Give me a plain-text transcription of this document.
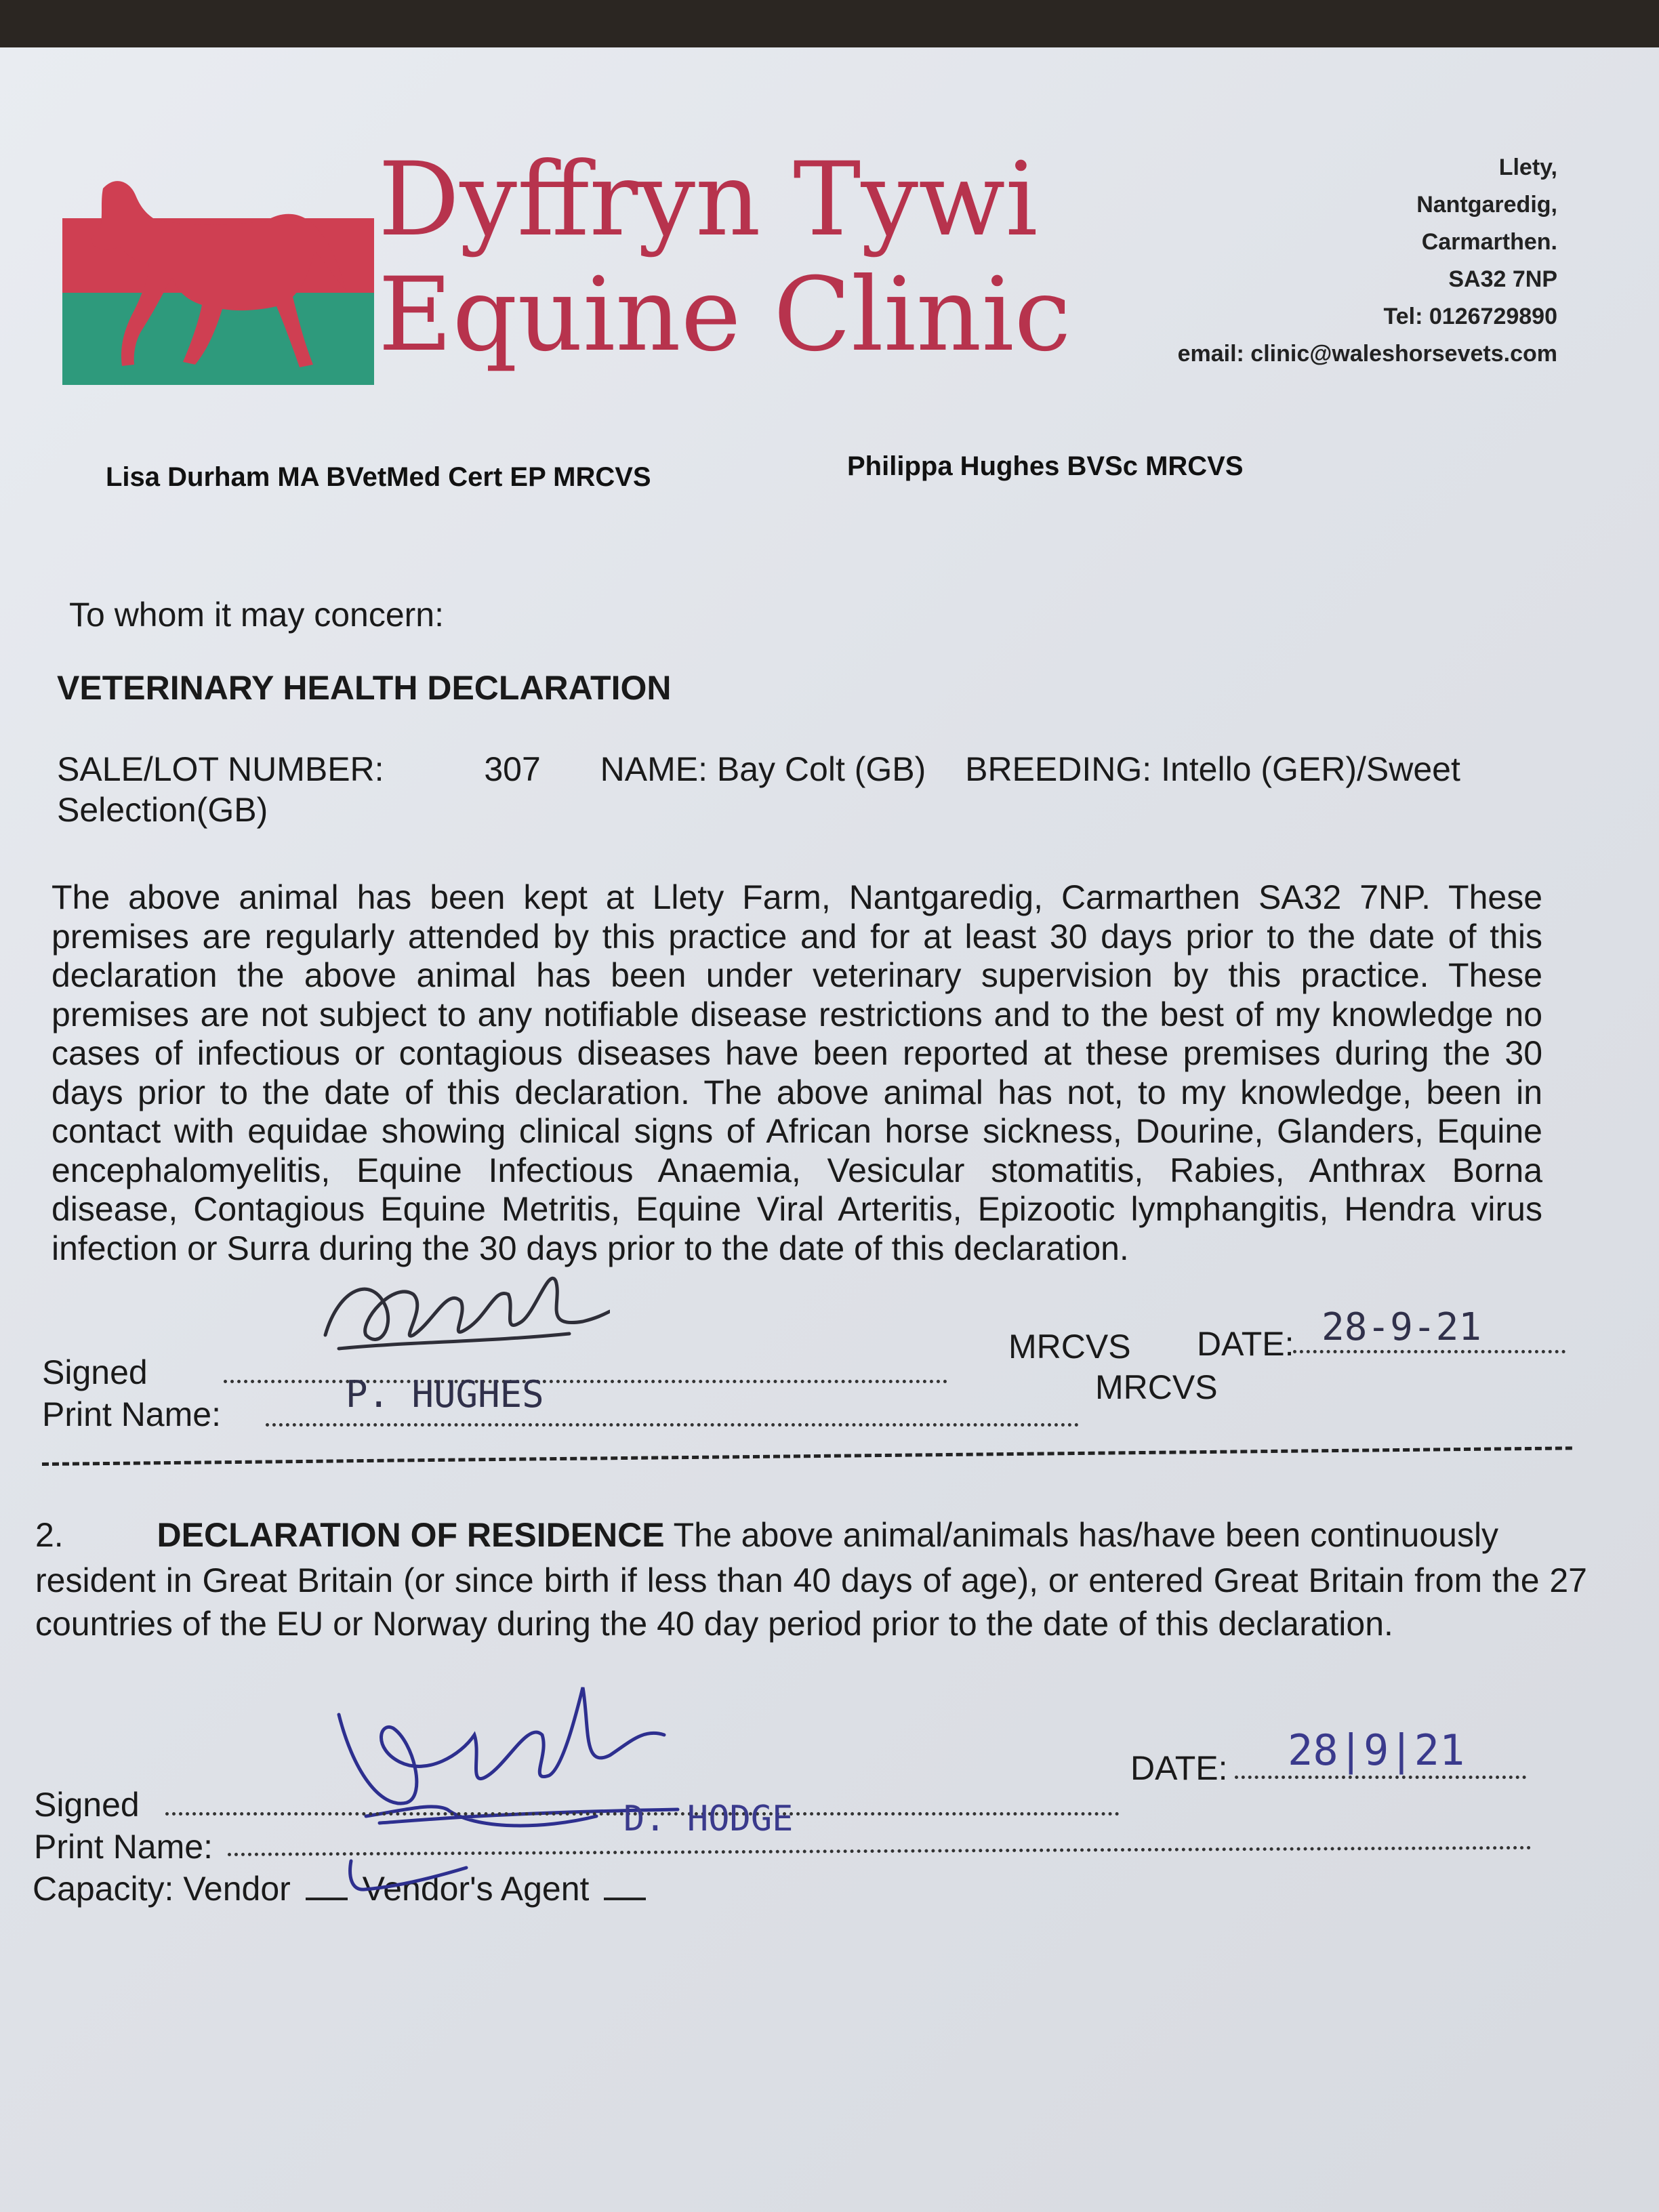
Dyffryn Tywi
Equine Clinic
Llety,
Nantgaredig,
Carmarthen.
SA32 7NP
Tel: 0126729890
email: clinic@waleshorsevets.com
Lisa Durham MA BVetMed Cert EP MRCVS	Philippa Hughes BVSc MRCVS
To whom it may concern:
VETERINARY HEALTH DECLARATION
SALE/LOT NUMBER:	307 NAME: Bay Colt (GB) BREEDING: Intello (GER)/Sweet
Selection(GB)
The above animal has been kept at Llety Farm, Nantgaredig, Carmarthen SA32 7NP. These premises are regularly attended by this practice and for at least 30 days prior to the date of this declaration the above animal has been under veterinary supervision by this practice. These premises are not subject to any notifiable disease restrictions and to the best of my knowledge no cases of infectious or contagious diseases have been reported at these premises during the 30 days prior to the date of this declaration. The above animal has not, to my knowledge, been in contact with equidae showing clinical signs of African horse sickness, Dourine, Glanders, Equine encephalomyelitis, Equine Infectious Anaemia, Vesicular stomatitis, Rabies, Anthrax Borna disease, Contagious Equine Metritis, Equine Viral Arteritis, Epizootic lymphangitis, Hendra virus infection or Surra during the 30 days prior to the date of this declaration.
Signed
MRCVS DATE: 28-9-21
Print Name:	P. HUGHES	MRCVS
2.	DECLARATION OF RESIDENCE The above animal/animals has/have been continuously
resident in Great Britain (or since birth if less than 40 days of age), or entered Great Britain from the 27 countries of the EU or Norway during the 40 day period prior to the date of this declaration.
Signed
DATE: 28|9|21
Print Name:
D. HODGE
Capacity: Vendor Vendor's Agent
